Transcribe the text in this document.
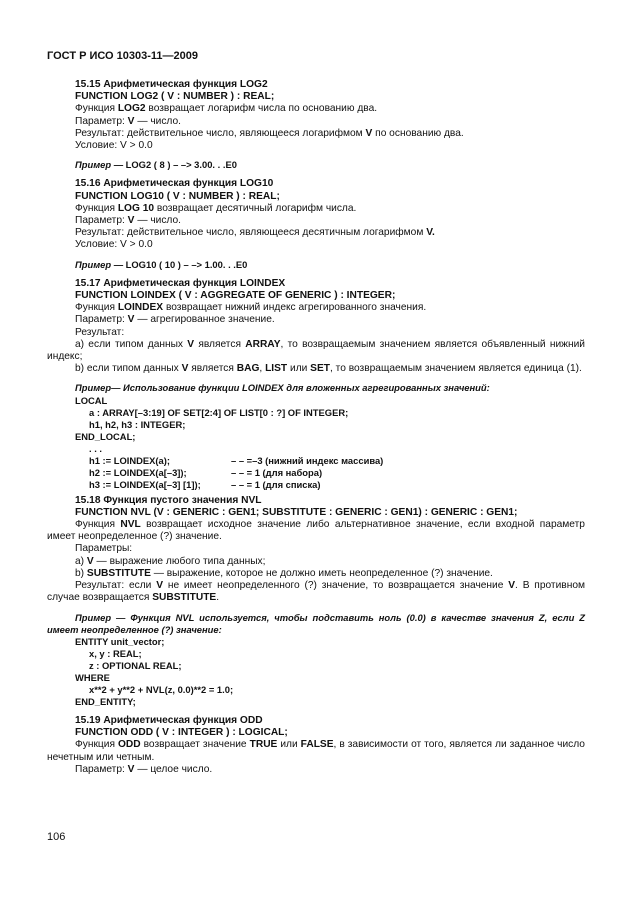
ГОСТ Р ИСО 10303-11—2009
15.15 Арифметическая функция LOG2
FUNCTION LOG2 ( V : NUMBER ) : REAL;
Функция LOG2 возвращает логарифм числа по основанию два.
Параметр: V — число.
Результат: действительное число, являющееся логарифмом V по основанию два.
Условие: V > 0.0
Пример — LOG2 ( 8 ) – –> 3.00. . .E0
15.16 Арифметическая функция LOG10
FUNCTION LOG10 ( V : NUMBER ) : REAL;
Функция LOG 10 возвращает десятичный логарифм числа.
Параметр: V — число.
Результат: действительное число, являющееся десятичным логарифмом V.
Условие: V > 0.0
Пример — LOG10 ( 10 ) – –> 1.00. . .E0
15.17 Арифметическая функция LOINDEX
FUNCTION LOINDEX ( V : AGGREGATE OF GENERIC ) : INTEGER;
Функция LOINDEX возвращает нижний индекс агрегированного значения.
Параметр: V — агрегированное значение.
Результат:
а) если типом данных V является ARRAY, то возвращаемым значением является объявленный нижний индекс;
b) если типом данных V является BAG, LIST или SET, то возвращаемым значением является единица (1).
Пример— Использование функции LOINDEX для вложенных агрегированных значений:
LOCAL
a : ARRAY[–3:19] OF SET[2:4] OF LIST[0 : ?] OF INTEGER;
h1, h2, h3 : INTEGER;
END_LOCAL;
. . .
h1 := LOINDEX(a);	– – =–3 (нижний индекс массива)
h2 := LOINDEX(a[–3]);	– – = 1 (для набора)
h3 := LOINDEX(a[–3] [1]);	– – = 1 (для списка)
15.18 Функция пустого значения NVL
FUNCTION NVL (V : GENERIC : GEN1; SUBSTITUTE : GENERIC : GEN1) : GENERIC : GEN1;
Функция NVL возвращает исходное значение либо альтернативное значение, если входной параметр имеет неопределенное (?) значение.
Параметры:
а) V — выражение любого типа данных;
b) SUBSTITUTE — выражение, которое не должно иметь неопределенное (?) значение.
Результат: если V не имеет неопределенного (?) значение, то возвращается значение V. В противном случае возвращается SUBSTITUTE.
Пример — Функция NVL используется, чтобы подставить ноль (0.0) в качестве значения Z, если Z имеет неопределенное (?) значение:
ENTITY unit_vector;
x, y : REAL;
z : OPTIONAL REAL;
WHERE
x**2 + y**2 + NVL(z, 0.0)**2 = 1.0;
END_ENTITY;
15.19 Арифметическая функция ODD
FUNCTION ODD ( V : INTEGER ) : LOGICAL;
Функция ODD возвращает значение TRUE или FALSE, в зависимости от того, является ли заданное число нечетным или четным.
Параметр: V — целое число.
106
